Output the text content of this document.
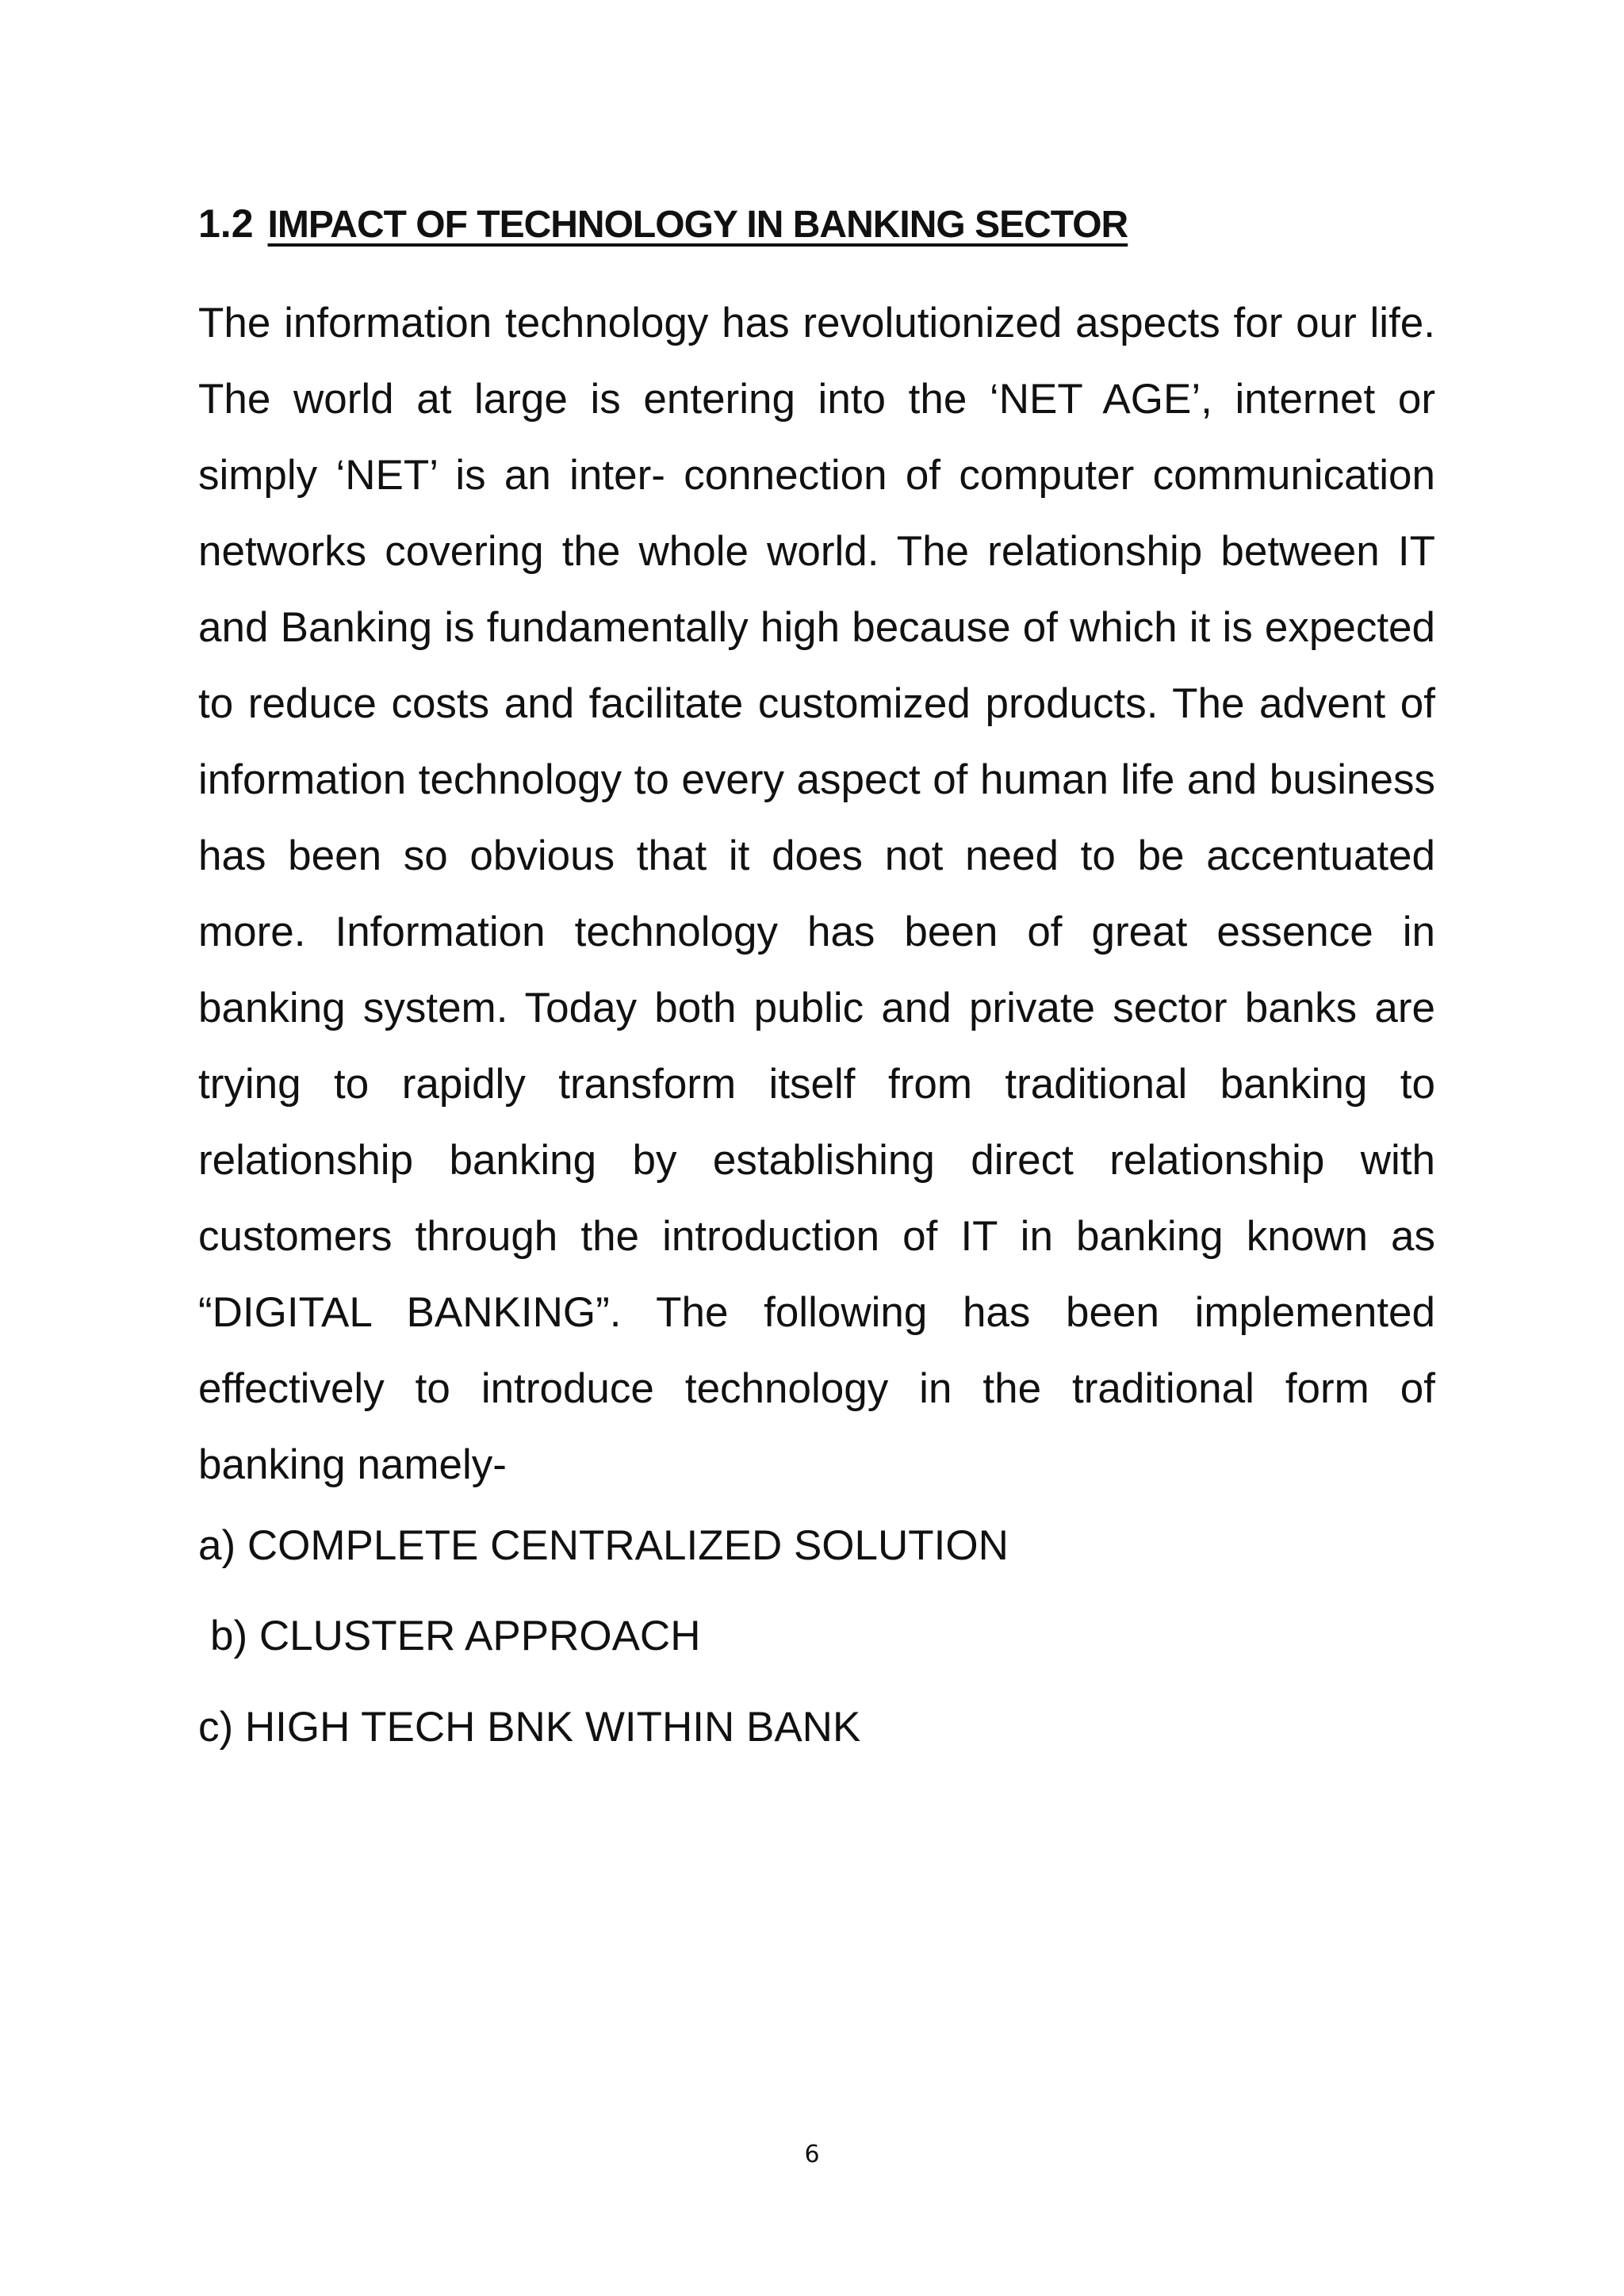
1.2 IMPACT OF TECHNOLOGY IN BANKING SECTOR

The information technology has revolutionized aspects for our life. The world at large is entering into the ‘NET AGE’, internet or simply ‘NET’ is an inter- connection of computer communication networks covering the whole world. The relationship between IT and Banking is fundamentally high because of which it is expected to reduce costs and facilitate customized products. The advent of information technology to every aspect of human life and business has been so obvious that it does not need to be accentuated more. Information technology has been of great essence in banking system. Today both public and private sector banks are trying to rapidly transform itself from traditional banking to relationship banking by establishing direct relationship with customers through the introduction of IT in banking known as “DIGITAL BANKING”. The following has been implemented effectively to introduce technology in the traditional form of banking namely-

a) COMPLETE CENTRALIZED SOLUTION

b) CLUSTER APPROACH

c) HIGH TECH BNK WITHIN BANK

6
